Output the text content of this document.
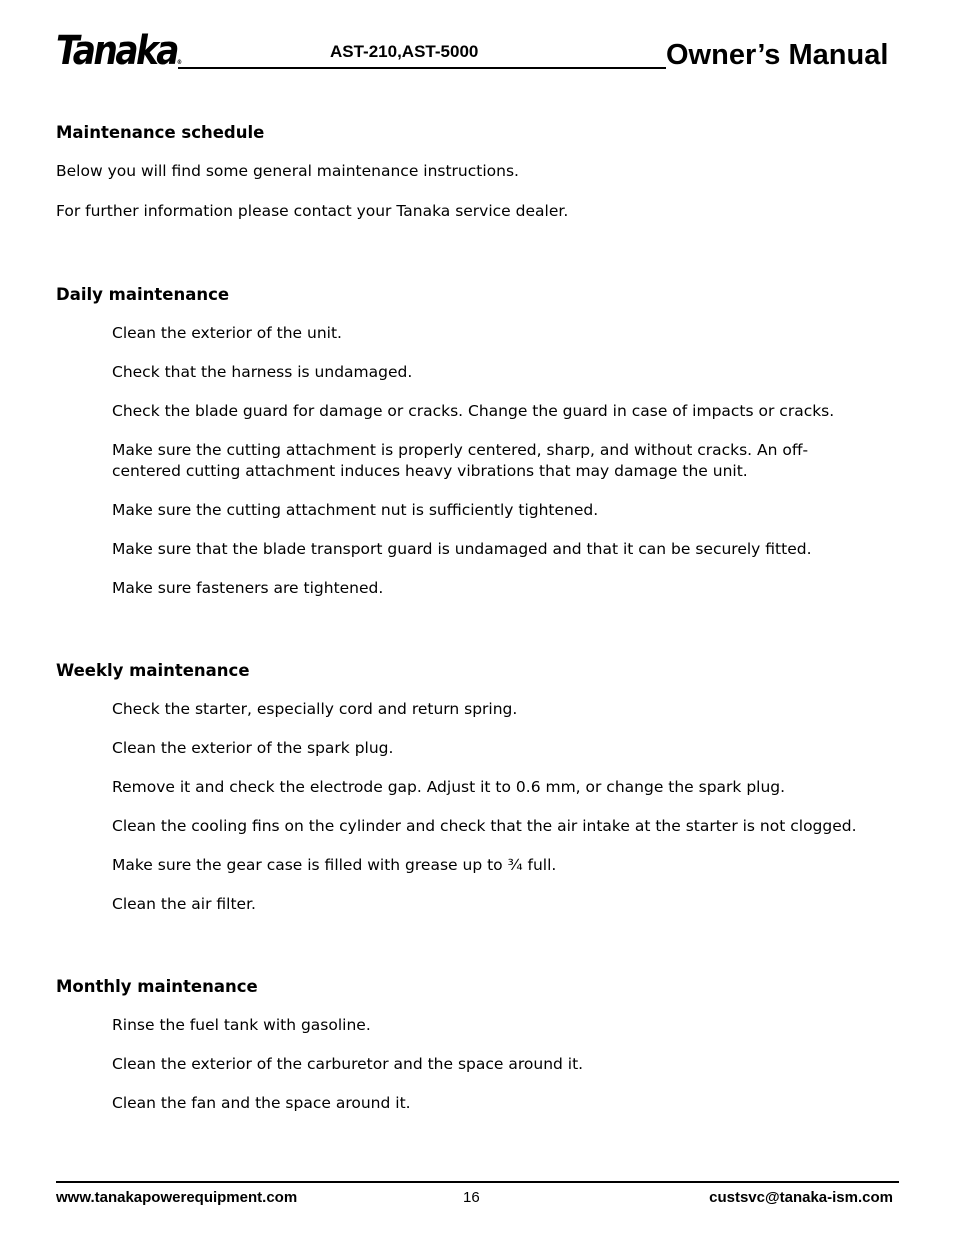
Tanaka®
AST-210,AST-5000	Owner’s Manual
Maintenance schedule
Below you will find some general maintenance instructions.
For further information please contact your Tanaka service dealer.
Daily maintenance
Clean the exterior of the unit.
Check that the harness is undamaged.
Check the blade guard for damage or cracks. Change the guard in case of impacts or cracks.
Make sure the cutting attachment is properly centered, sharp, and without cracks. An off-centered cutting attachment induces heavy vibrations that may damage the unit.
Make sure the cutting attachment nut is sufficiently tightened.
Make sure that the blade transport guard is undamaged and that it can be securely fitted.
Make sure fasteners are tightened.
Weekly maintenance
Check the starter, especially cord and return spring.
Clean the exterior of the spark plug.
Remove it and check the electrode gap. Adjust it to 0.6 mm, or change the spark plug.
Clean the cooling fins on the cylinder and check that the air intake at the starter is not clogged.
Make sure the gear case is filled with grease up to ¾ full.
Clean the air filter.
Monthly maintenance
Rinse the fuel tank with gasoline.
Clean the exterior of the carburetor and the space around it.
Clean the fan and the space around it.
www.tanakapowerequipment.com	16	custsvc@tanaka-ism.com
